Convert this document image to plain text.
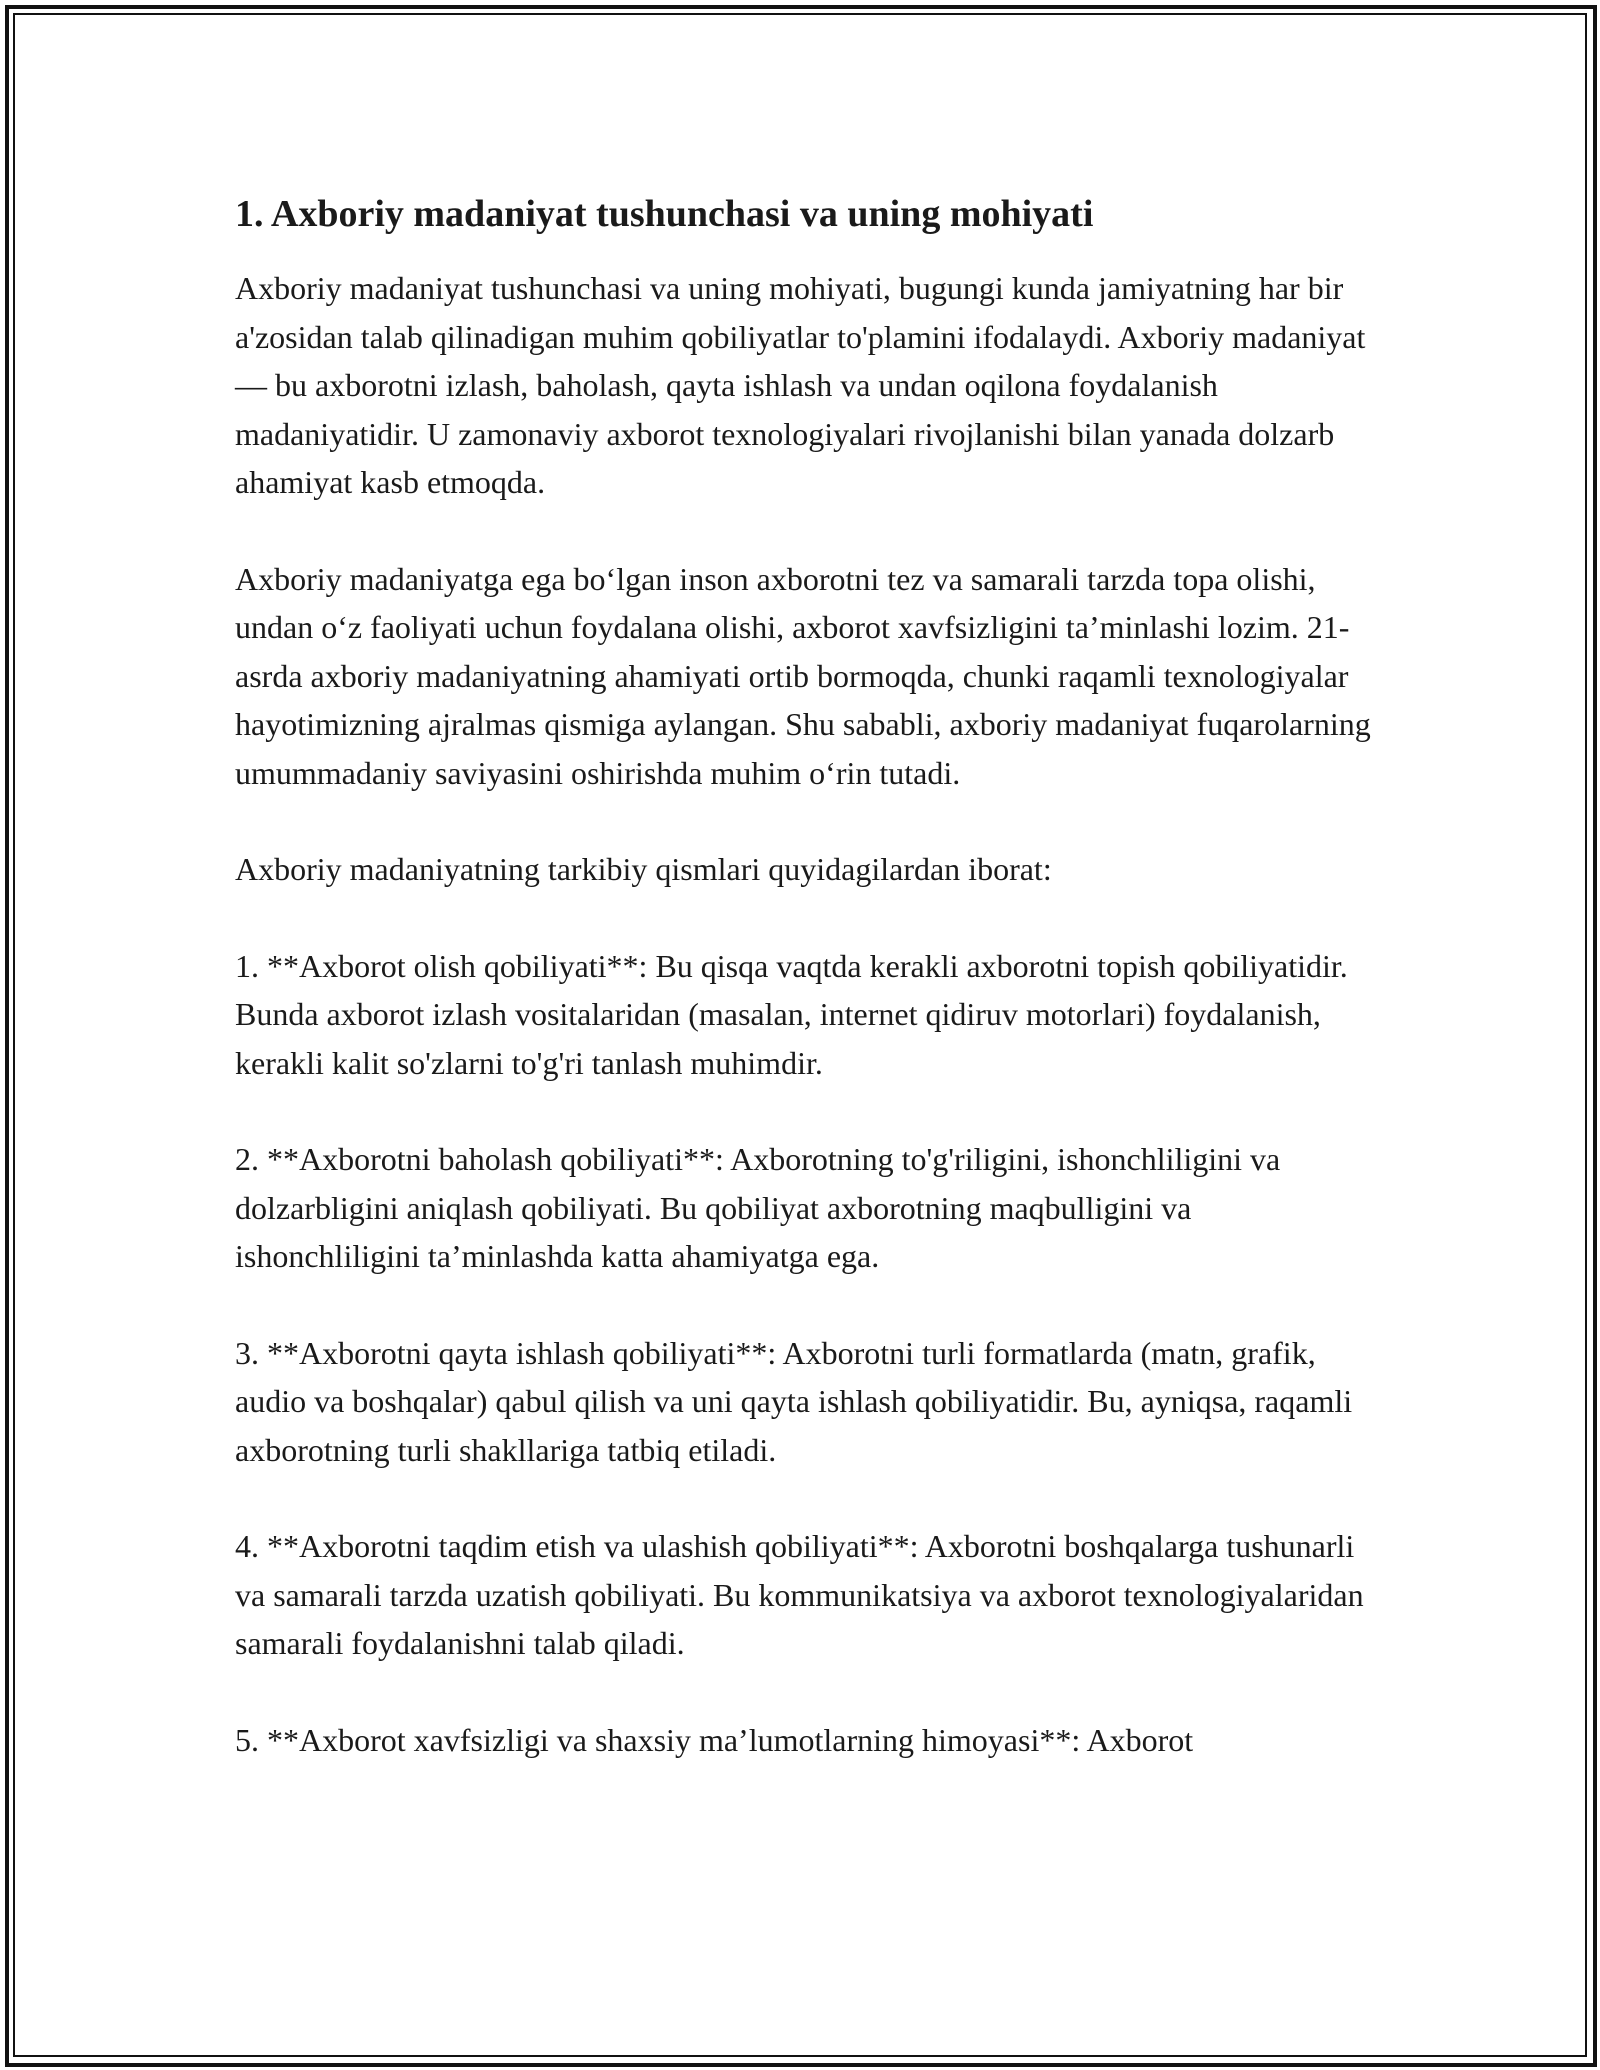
1. Axboriy madaniyat tushunchasi va uning mohiyati

Axboriy madaniyat tushunchasi va uning mohiyati, bugungi kunda jamiyatning har bir a'zosidan talab qilinadigan muhim qobiliyatlar to'plamini ifodalaydi. Axboriy madaniyat — bu axborotni izlash, baholash, qayta ishlash va undan oqilona foydalanish madaniyatidir. U zamonaviy axborot texnologiyalari rivojlanishi bilan yanada dolzarb ahamiyat kasb etmoqda.

Axboriy madaniyatga ega boʻlgan inson axborotni tez va samarali tarzda topa olishi, undan oʻz faoliyati uchun foydalana olishi, axborot xavfsizligini taʼminlashi lozim. 21-asrda axboriy madaniyatning ahamiyati ortib bormoqda, chunki raqamli texnologiyalar hayotimizning ajralmas qismiga aylangan. Shu sababli, axboriy madaniyat fuqarolarning umummadaniy saviyasini oshirishda muhim oʻrin tutadi.

Axboriy madaniyatning tarkibiy qismlari quyidagilardan iborat:

1. **Axborot olish qobiliyati**: Bu qisqa vaqtda kerakli axborotni topish qobiliyatidir. Bunda axborot izlash vositalaridan (masalan, internet qidiruv motorlari) foydalanish, kerakli kalit so'zlarni to'g'ri tanlash muhimdir.

2. **Axborotni baholash qobiliyati**: Axborotning to'g'riligini, ishonchliligini va dolzarbligini aniqlash qobiliyati. Bu qobiliyat axborotning maqbulligini va ishonchliligini taʼminlashda katta ahamiyatga ega.

3. **Axborotni qayta ishlash qobiliyati**: Axborotni turli formatlarda (matn, grafik, audio va boshqalar) qabul qilish va uni qayta ishlash qobiliyatidir. Bu, ayniqsa, raqamli axborotning turli shakllariga tatbiq etiladi.

4. **Axborotni taqdim etish va ulashish qobiliyati**: Axborotni boshqalarga tushunarli va samarali tarzda uzatish qobiliyati. Bu kommunikatsiya va axborot texnologiyalaridan samarali foydalanishni talab qiladi.

5. **Axborot xavfsizligi va shaxsiy maʼlumotlarning himoyasi**: Axborot
